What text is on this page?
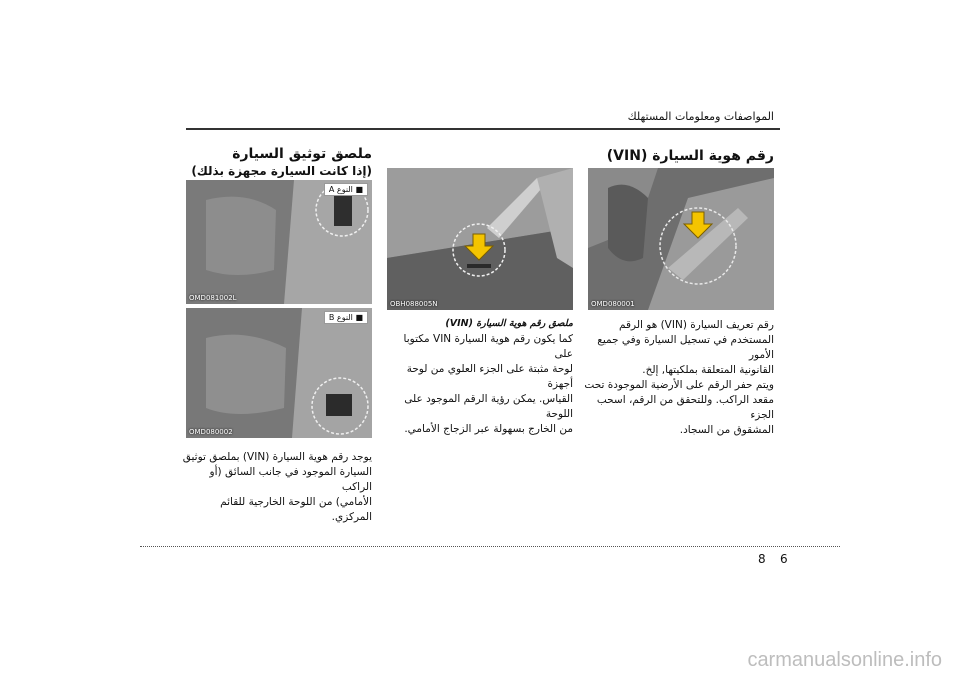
المواصفات ومعلومات المستهلك
رقم هوية السيارة (VIN)
OMD080001
رقم تعريف السيارة (VIN) هو الرقم
المستخدم في تسجيل السيارة وفي جميع الأمور
القانونية المتعلقة بملكيتها, إلخ.
ويتم حفر الرقم على الأرضية الموجودة تحت
مقعد الراكب. وللتحقق من الرقم، اسحب الجزء
المشقوق من السجاد.
OBH088005N
ملصق رقم هوية السيارة (VIN)
كما يكون رقم هوية السيارة VIN مكتوبا على
لوحة مثبتة على الجزء العلوي من لوحة أجهزة
القياس. يمكن رؤية الرقم الموجود على اللوحة
من الخارج بسهولة عبر الزجاج الأمامي.
ملصق توثيق السيارة
(إذا كانت السيارة مجهزة بذلك)
■ النوع A
OMD081002L
■ النوع B
OMD080002
يوجد رقم هوية السيارة (VIN) بملصق توثيق
السيارة الموجود في جانب السائق (أو الراكب
الأمامي) من اللوحة الخارجية للقائم المركزي.
8 6
carmanualsonline.info
